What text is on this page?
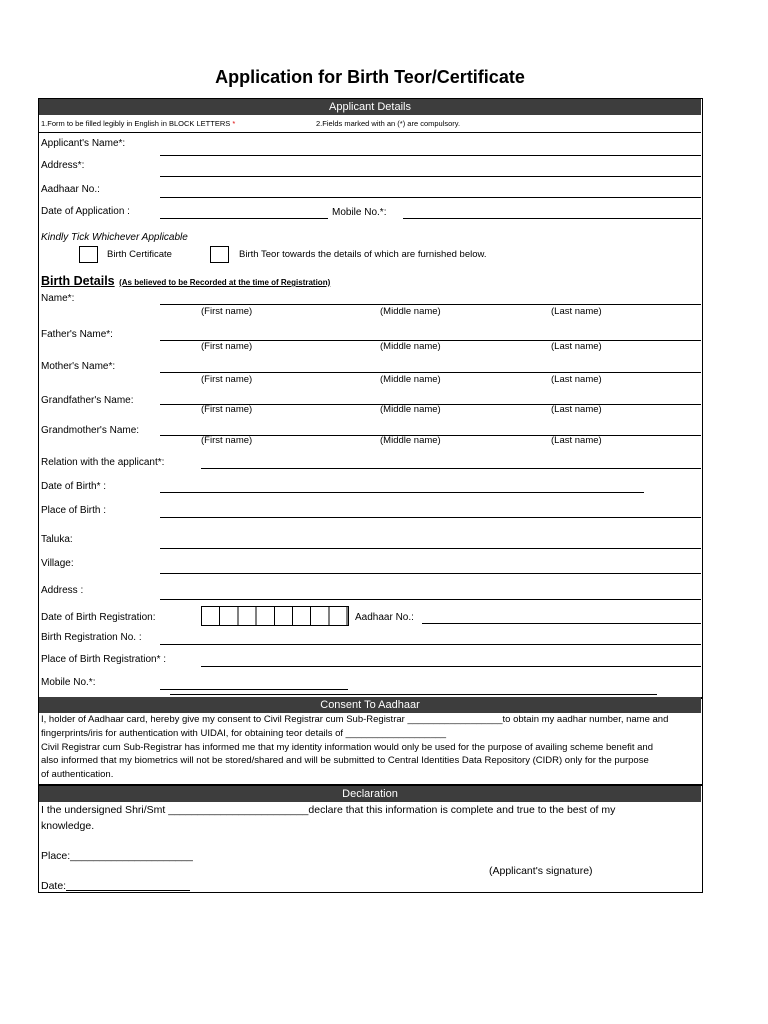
Application for Birth Teor/Certificate
Applicant Details
1.Form to be filled legibly in English in BLOCK LETTERS *	2.Fields marked with an (*) are compulsory.
Applicant's Name*:
Address*:
Aadhaar No.:
Date of Application :	Mobile No.*:
Kindly Tick Whichever Applicable
Birth Certificate	Birth Teor towards the details of which are furnished below.
Birth Details (As believed to be Recorded at the time of Registration)
Name*:
(First name)	(Middle name)	(Last name)
Father's Name*:
(First name)	(Middle name)	(Last name)
Mother's Name*:
(First name)	(Middle name)	(Last name)
Grandfather's Name:
(First name)	(Middle name)	(Last name)
Grandmother's Name:
(First name)	(Middle name)	(Last name)
Relation with the applicant*:
Date of Birth* :
Place of Birth :
Taluka:
Village:
Address :
Date of Birth Registration:	Aadhaar No.:
Birth Registration No. :
Place of Birth Registration* :
Mobile No.*:
Consent To Aadhaar
I, holder of Aadhaar card, hereby give my consent to Civil Registrar cum Sub-Registrar __________________to obtain my aadhar number, name and
fingerprints/iris for authentication with UIDAI, for obtaining teor details of ___________________
Civil Registrar cum Sub-Registrar has informed me that my identity information would only be used for the purpose of availing scheme benefit and
also informed that my biometrics will not be stored/shared and will be submitted to Central Identities Data Repository (CIDR) only for the purpose
of authentication.
Declaration
I the undersigned Shri/Smt ________________________declare that this information is complete and true to the best of my
knowledge.
Place:_____________________
(Applicant's signature)
Date:
